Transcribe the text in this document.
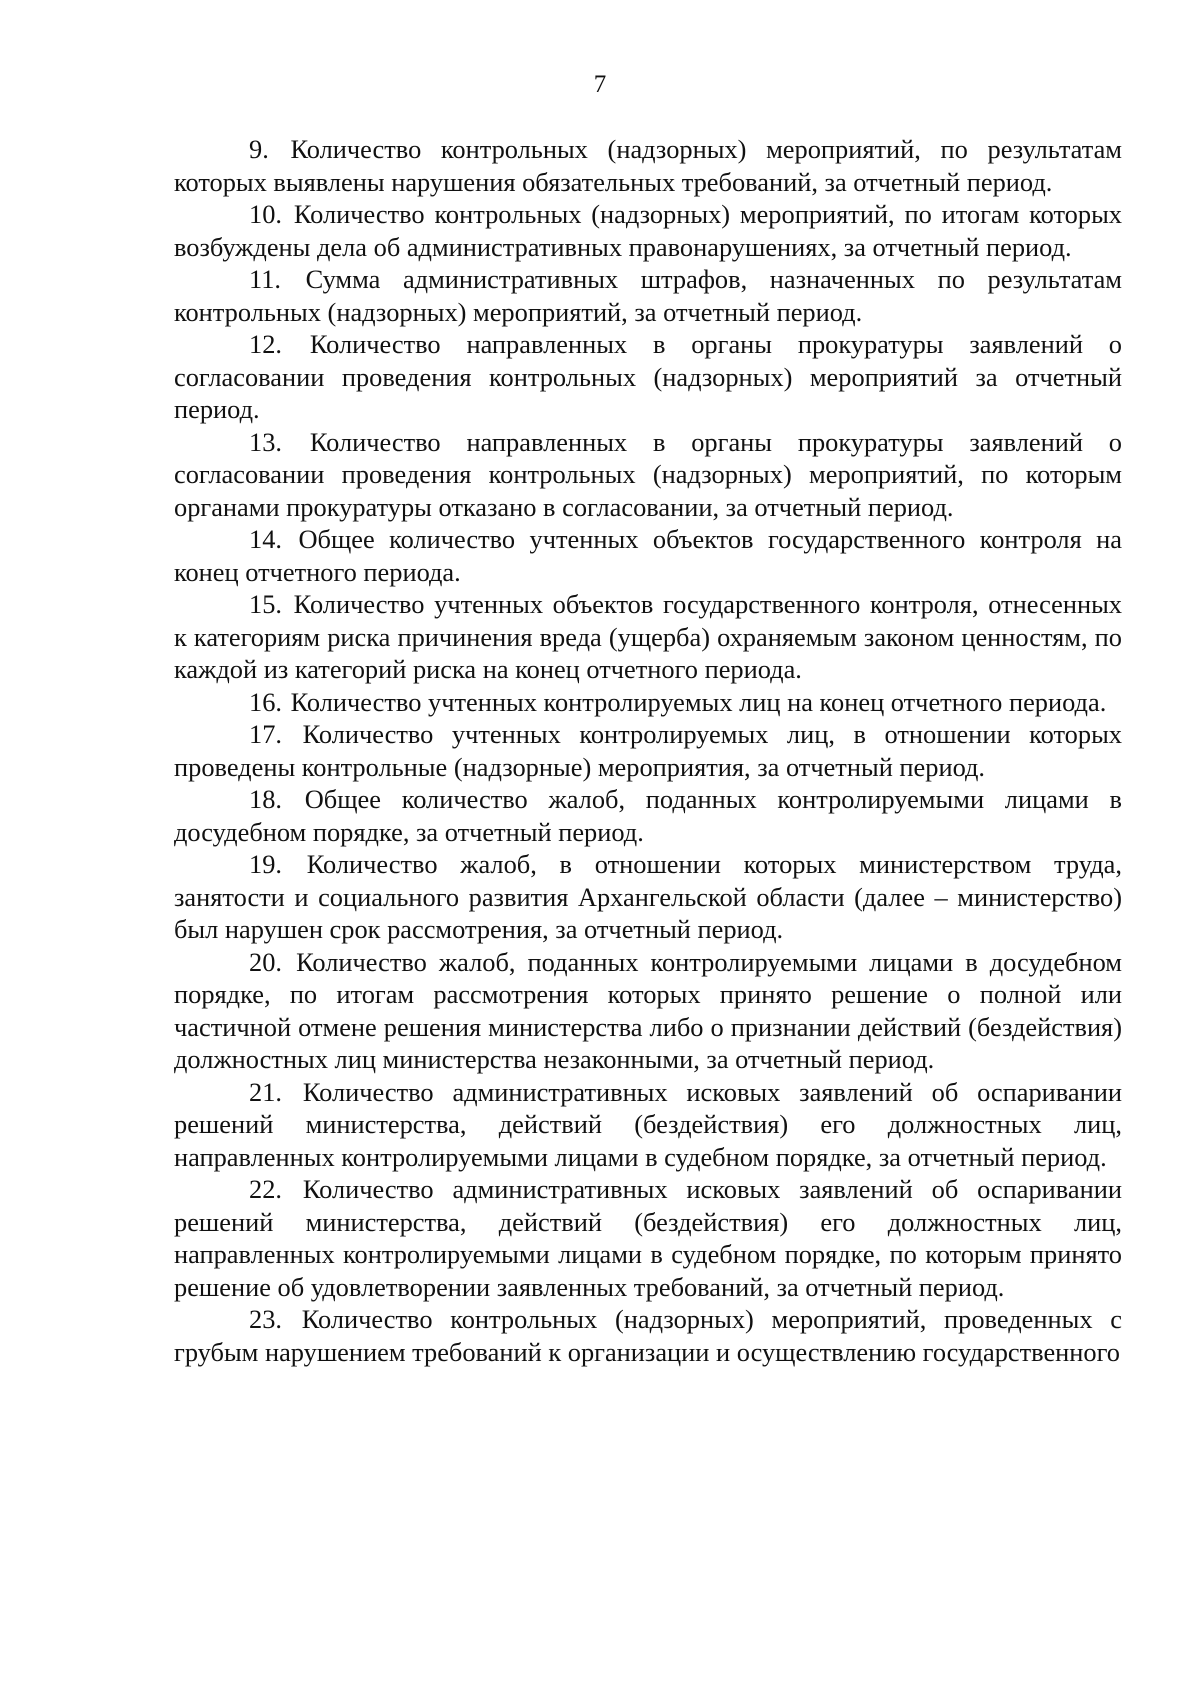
7

9. Количество контрольных (надзорных) мероприятий, по результатам которых выявлены нарушения обязательных требований, за отчетный период.

10. Количество контрольных (надзорных) мероприятий, по итогам которых возбуждены дела об административных правонарушениях, за отчетный период.

11. Сумма административных штрафов, назначенных по результатам контрольных (надзорных) мероприятий, за отчетный период.

12. Количество направленных в органы прокуратуры заявлений о согласовании проведения контрольных (надзорных) мероприятий за отчетный период.

13. Количество направленных в органы прокуратуры заявлений о согласовании проведения контрольных (надзорных) мероприятий, по которым органами прокуратуры отказано в согласовании, за отчетный период.

14. Общее количество учтенных объектов государственного контроля на конец отчетного периода.

15. Количество учтенных объектов государственного контроля, отнесенных к категориям риска причинения вреда (ущерба) охраняемым законом ценностям, по каждой из категорий риска на конец отчетного периода.

16. Количество учтенных контролируемых лиц на конец отчетного периода.

17. Количество учтенных контролируемых лиц, в отношении которых проведены контрольные (надзорные) мероприятия, за отчетный период.

18. Общее количество жалоб, поданных контролируемыми лицами в досудебном порядке, за отчетный период.

19. Количество жалоб, в отношении которых министерством труда, занятости и социального развития Архангельской области (далее – министерство) был нарушен срок рассмотрения, за отчетный период.

20. Количество жалоб, поданных контролируемыми лицами в досудебном порядке, по итогам рассмотрения которых принято решение о полной или частичной отмене решения министерства либо о признании действий (бездействия) должностных лиц министерства незаконными, за отчетный период.

21. Количество административных исковых заявлений об оспаривании решений министерства, действий (бездействия) его должностных лиц, направленных контролируемыми лицами в судебном порядке, за отчетный период.

22. Количество административных исковых заявлений об оспаривании решений министерства, действий (бездействия) его должностных лиц, направленных контролируемыми лицами в судебном порядке, по которым принято решение об удовлетворении заявленных требований, за отчетный период.

23. Количество контрольных (надзорных) мероприятий, проведенных с грубым нарушением требований к организации и осуществлению государственного
